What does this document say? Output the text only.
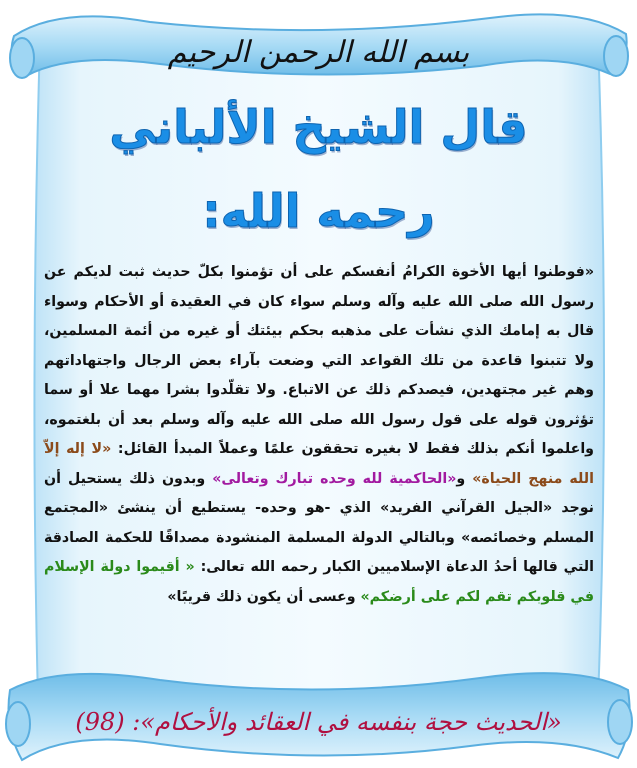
بسم الله الرحمن الرحيم
قال الشيخ الألباني
رحمه الله:
«فوطنوا أيها الأخوة الكرامُ أنفسكم على أن تؤمنوا بكلّ حديث ثبت لديكم عن رسول الله صلى الله عليه وآله وسلم سواء كان في العقيدة أو الأحكام وسواء قال به إمامك الذي نشأت على مذهبه بحكم بيئتك أو غيره من أئمة المسلمين، ولا تتبنوا قاعدة من تلك القواعد التي وضعت بآراء بعض الرجال واجتهاداتهم وهم غير مجتهدين، فيصدكم ذلك عن الاتباع. ولا تقلّدوا بشرا مهما علا أو سما تؤثرون قوله على قول رسول الله صلى الله عليه وآله وسلم بعد أن بلغتموه، واعلموا أنكم بذلك فقط لا بغيره تحققون علمًا وعملاً المبدأ القائل: «لا إله إلاّ الله منهج الحياة» و«الحاكمية لله وحده تبارك وتعالى» وبدون ذلك يستحيل أن نوجد «الجيل القرآني الفريد» الذي -هو وحده- يستطيع أن ينشئ «المجتمع المسلم وخصائصه» وبالتالي الدولة المسلمة المنشودة مصداقًا للحكمة الصادقة التي قالها أحدُ الدعاة الإسلاميين الكبار رحمه الله تعالى: « أقيموا دولة الإسلام في قلوبكم تقم لكم على أرضكم» وعسى أن يكون ذلك قريبًا»
«الحديث حجة بنفسه في العقائد والأحكام»: (98)
